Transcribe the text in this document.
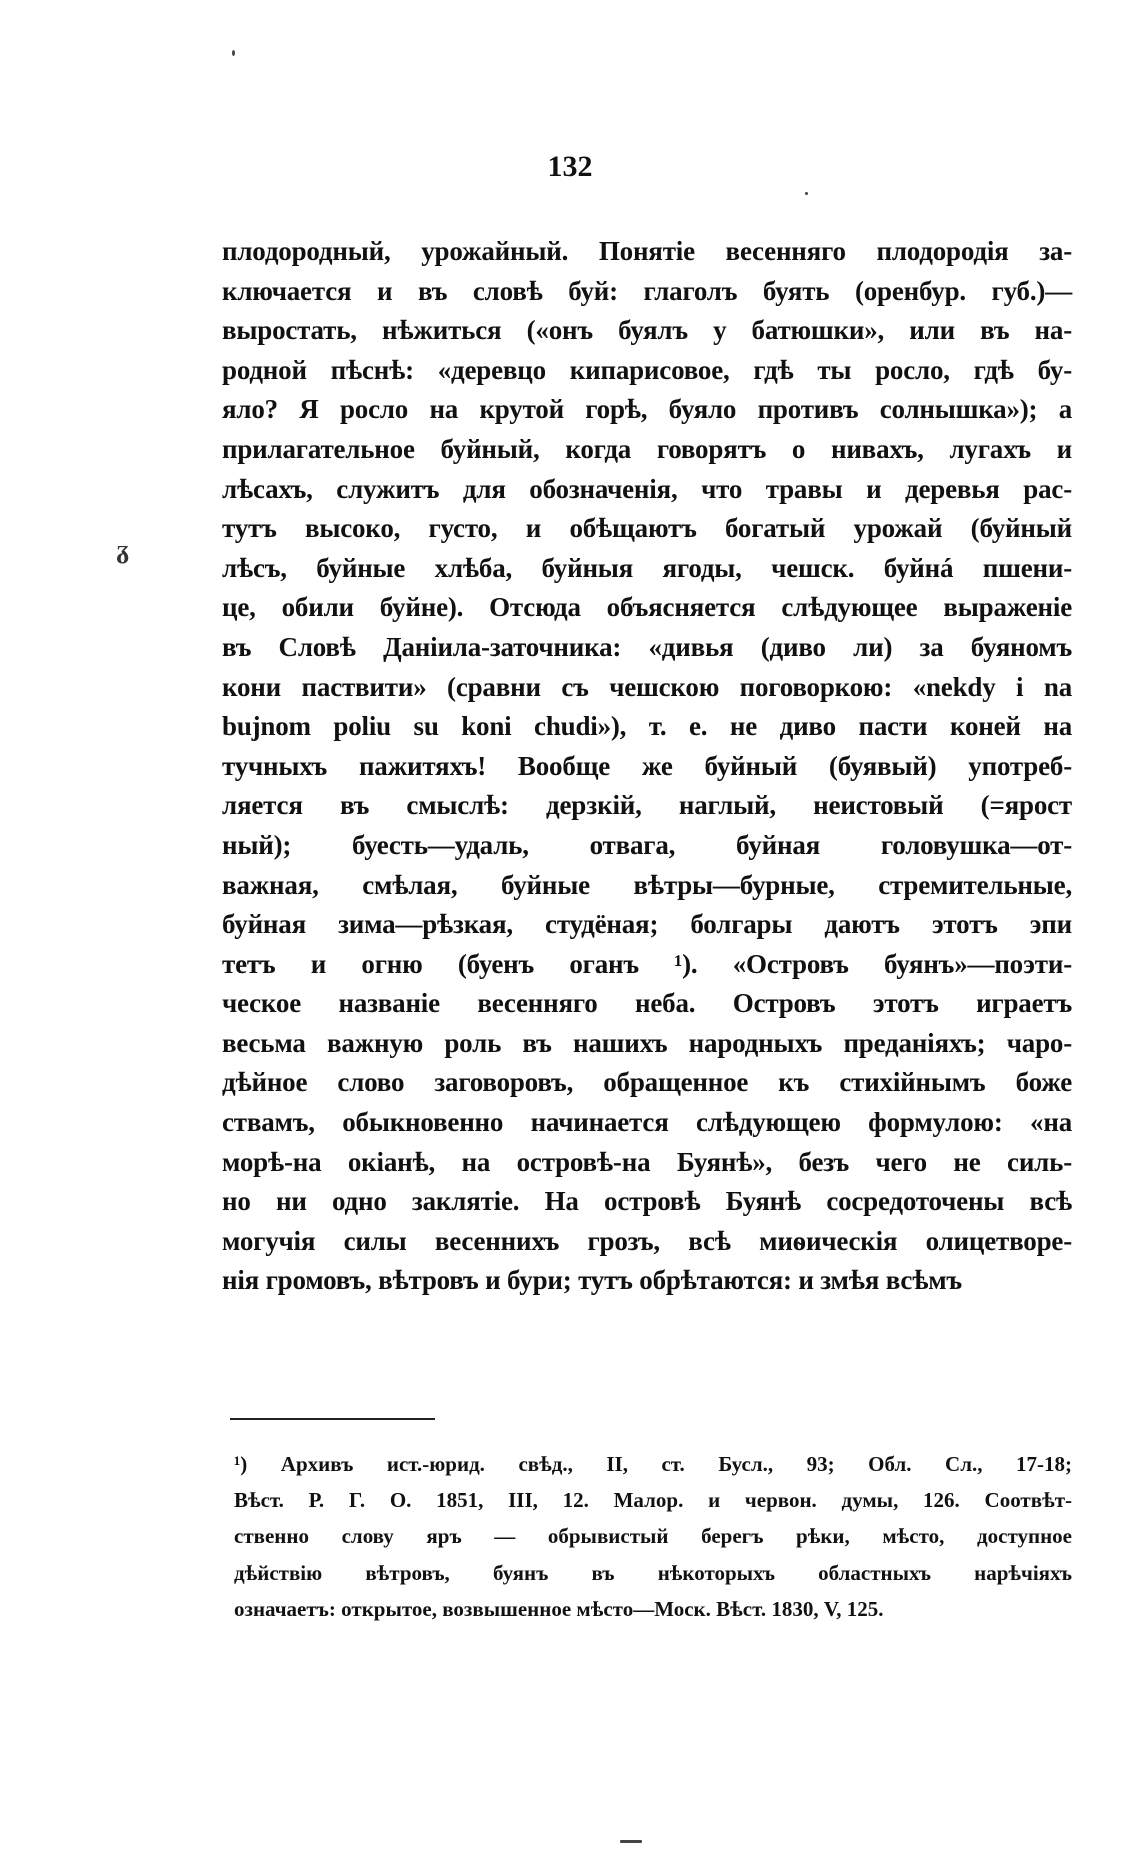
132
ᵹ
плодородный, урожайный. Понятіе весенняго плодородія за-
ключается и въ словѣ буй: глаголъ буять (оренбур. губ.)—
выростать, нѣжиться («онъ буялъ у батюшки», или въ на-
родной пѣснѣ: «деревцо кипарисовое, гдѣ ты росло, гдѣ бу-
яло? Я росло на крутой горѣ, буяло противъ солнышка»); а
прилагательное буйный, когда говорятъ о нивахъ, лугахъ и
лѣсахъ, служитъ для обозначенія, что травы и деревья рас-
тутъ высоко, густо, и обѣщаютъ богатый урожай (буйный
лѣсъ, буйные хлѣба, буйныя ягоды, чешск. буйнá пшени-
це, обили буйне). Отсюда объясняется слѣдующее выраженіе
въ Словѣ Даніила-заточника: «дивья (диво ли) за буяномъ
кони паствити» (сравни съ чешскою поговоркою: «nekdy i na
bujnom poliu su koni chudi»), т. е. не диво пасти коней на
тучныхъ пажитяхъ! Вообще же буйный (буявый) употреб-
ляется въ смыслѣ: дерзкій, наглый, неистовый (=ярост
ный); буесть—удаль, отвага, буйная головушка—от-
важная, смѣлая, буйные вѣтры—бурные, стремительные,
буйная зима—рѣзкая, студёная; болгары даютъ этотъ эпи
тетъ и огню (буенъ оганъ ¹). «Островъ буянъ»—поэти-
ческое названіе весенняго неба. Островъ этотъ играетъ
весьма важную роль въ нашихъ народныхъ преданіяхъ; чаро-
дѣйное слово заговоровъ, обращенное къ стихійнымъ боже
ствамъ, обыкновенно начинается слѣдующею формулою: «на
морѣ-на окіанѣ, на островѣ-на Буянѣ», безъ чего не силь-
но ни одно заклятіе. На островѣ Буянѣ сосредоточены всѣ
могучія силы весеннихъ грозъ, всѣ миѳическія олицетворе-
нія громовъ, вѣтровъ и бури; тутъ обрѣтаются: и змѣя всѣмъ
¹) Архивъ ист.-юрид. свѣд., II, ст. Бусл., 93; Обл. Сл., 17-18;
Вѣст. Р. Г. О. 1851, III, 12. Малор. и червон. думы, 126. Соотвѣт-
ственно слову яръ — обрывистый берегъ рѣки, мѣсто, доступное
дѣйствію вѣтровъ, буянъ въ нѣкоторыхъ областныхъ нарѣчіяхъ
означаетъ: открытое, возвышенное мѣсто—Моск. Вѣст. 1830, V, 125.
